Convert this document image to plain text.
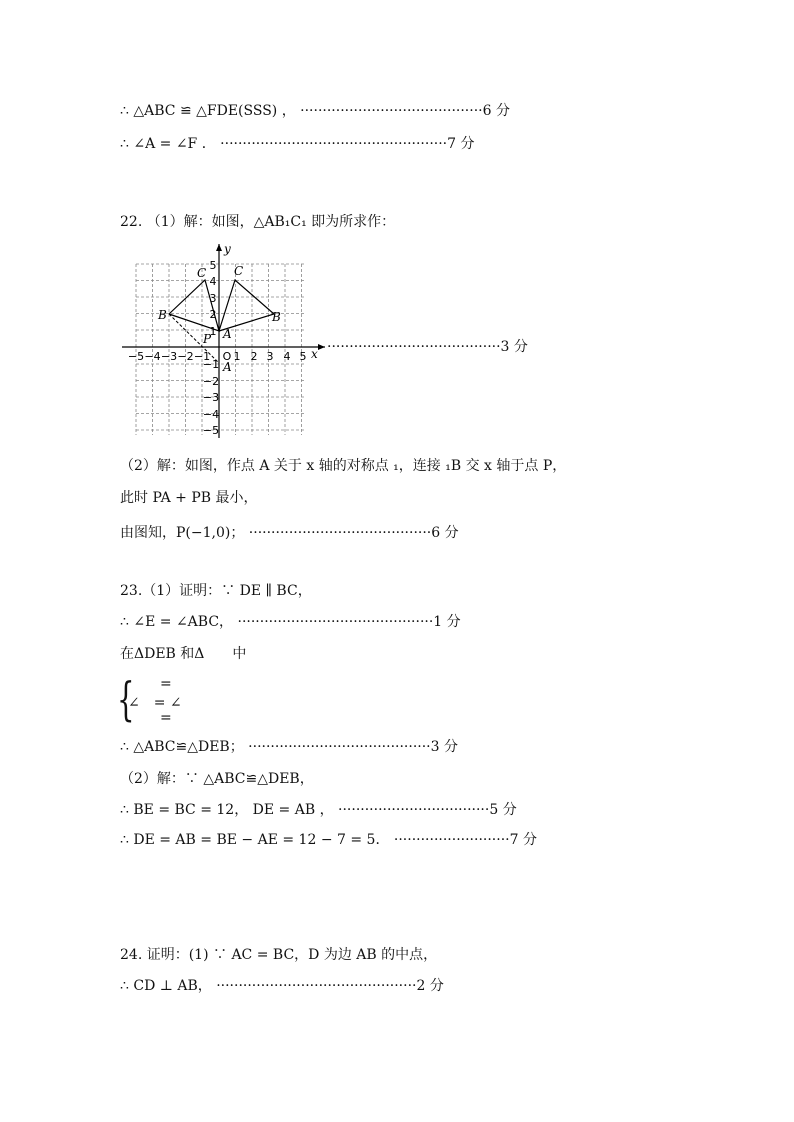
∴ △ABC ≌ △FDE(SSS) ， ·········································6 分
∴ ∠A = ∠F ． ···················································7 分
22. （1）解：如图，△AB₁C₁ 即为所求作：
B
C
P A
A
C
B
x
y
−5 −4 −3 −2 −1 O 1 2 3 4 5
1
2
3
4
5
−1
−2
−3
−4
−5
·······································3 分
（2）解：如图，作点 A 关于 x 轴的对称点 ₁，连接 ₁B 交 x 轴于点 P，
此时 PA + PB 最小，
由图知，P(−1,0)； ·········································6 分
23.（1）证明：∵ DE ∥ BC，
∴ ∠E = ∠ABC， ············································1 分
在ΔDEB 和Δ　　中
{ =
∠　= ∠
=
∴ △ABC≌△DEB； ·········································3 分
（2）解：∵ △ABC≌△DEB，
∴ BE = BC = 12， DE = AB ， ··································5 分
∴ DE = AB = BE − AE = 12 − 7 = 5． ··························7 分
24. 证明：(1) ∵ AC = BC，D 为边 AB 的中点，
∴ CD ⊥ AB， ·············································2 分
